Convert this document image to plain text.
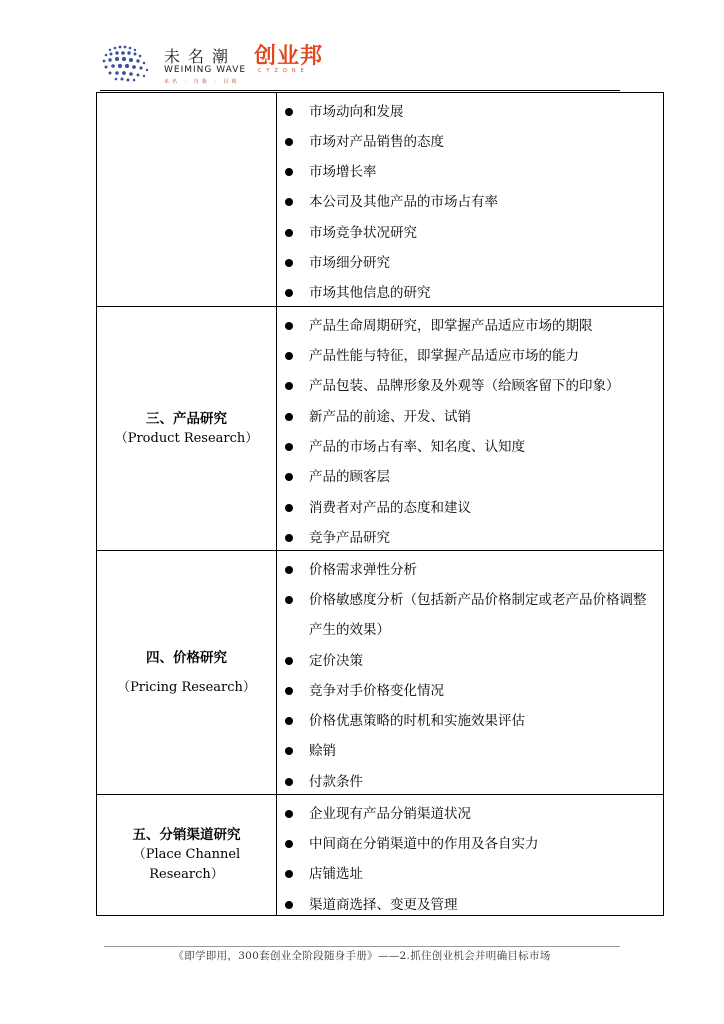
未名潮
WEIMING WAVE
未名 · 自我 · 目视
创业邦
CYZONE
市场动向和发展
市场对产品销售的态度
市场增长率
本公司及其他产品的市场占有率
市场竞争状况研究
市场细分研究
市场其他信息的研究
三、产品研究
（Product Research）
产品生命周期研究，即掌握产品适应市场的期限
产品性能与特征，即掌握产品适应市场的能力
产品包装、品牌形象及外观等（给顾客留下的印象）
新产品的前途、开发、试销
产品的市场占有率、知名度、认知度
产品的顾客层
消费者对产品的态度和建议
竞争产品研究
四、价格研究
（Pricing Research）
价格需求弹性分析
价格敏感度分析（包括新产品价格制定或老产品价格调整产生的效果）
定价决策
竞争对手价格变化情况
价格优惠策略的时机和实施效果评估
赊销
付款条件
五、分销渠道研究
（Place Channel Research）
企业现有产品分销渠道状况
中间商在分销渠道中的作用及各自实力
店铺选址
渠道商选择、变更及管理
《即学即用，300套创业全阶段随身手册》——2.抓住创业机会并明确目标市场
